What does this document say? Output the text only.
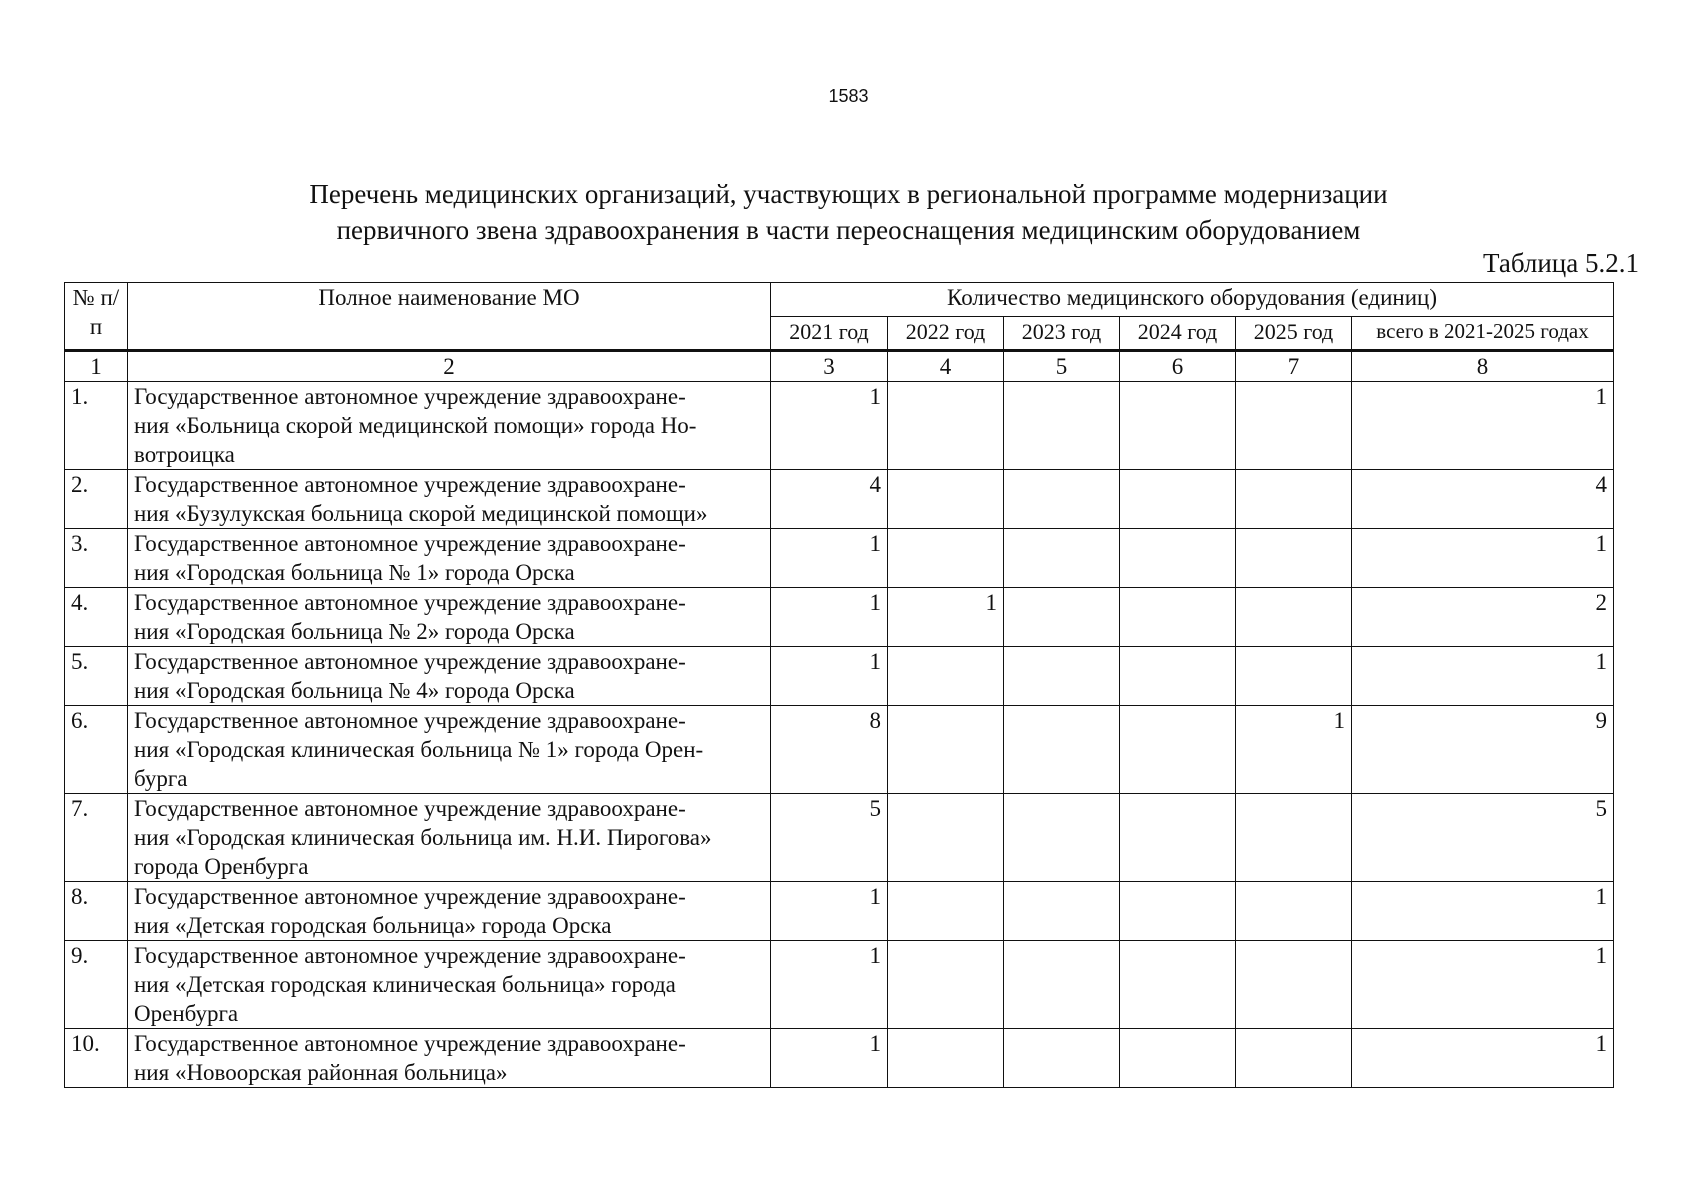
1583
Перечень медицинских организаций, участвующих в региональной программе модернизации
первичного звена здравоохранения в части переоснащения медицинским оборудованием
Таблица 5.2.1
№ п/п	Полное наименование МО	Количество медицинского оборудования (единиц)					
		2021 год	2022 год	2023 год	2024 год	2025 год	всего в 2021-2025 годах
1	2	3	4	5	6	7	8
1.	Государственное автономное учреждение здравоохране-
ния «Больница скорой медицинской помощи» города Но-
вотроицка	1					1
2.	Государственное автономное учреждение здравоохране-
ния «Бузулукская больница скорой медицинской помощи»	4					4
3.	Государственное автономное учреждение здравоохране-
ния «Городская больница № 1» города Орска	1					1
4.	Государственное автономное учреждение здравоохране-
ния «Городская больница № 2» города Орска	1	1				2
5.	Государственное автономное учреждение здравоохране-
ния «Городская больница № 4» города Орска	1					1
6.	Государственное автономное учреждение здравоохране-
ния «Городская клиническая больница № 1» города Орен-
бурга	8				1	9
7.	Государственное автономное учреждение здравоохране-
ния «Городская клиническая больница им. Н.И. Пирогова»
города Оренбурга	5					5
8.	Государственное автономное учреждение здравоохране-
ния «Детская городская больница» города Орска	1					1
9.	Государственное автономное учреждение здравоохране-
ния «Детская городская клиническая больница» города
Оренбурга	1					1
10.	Государственное автономное учреждение здравоохране-
ния «Новоорская районная больница»	1					1
